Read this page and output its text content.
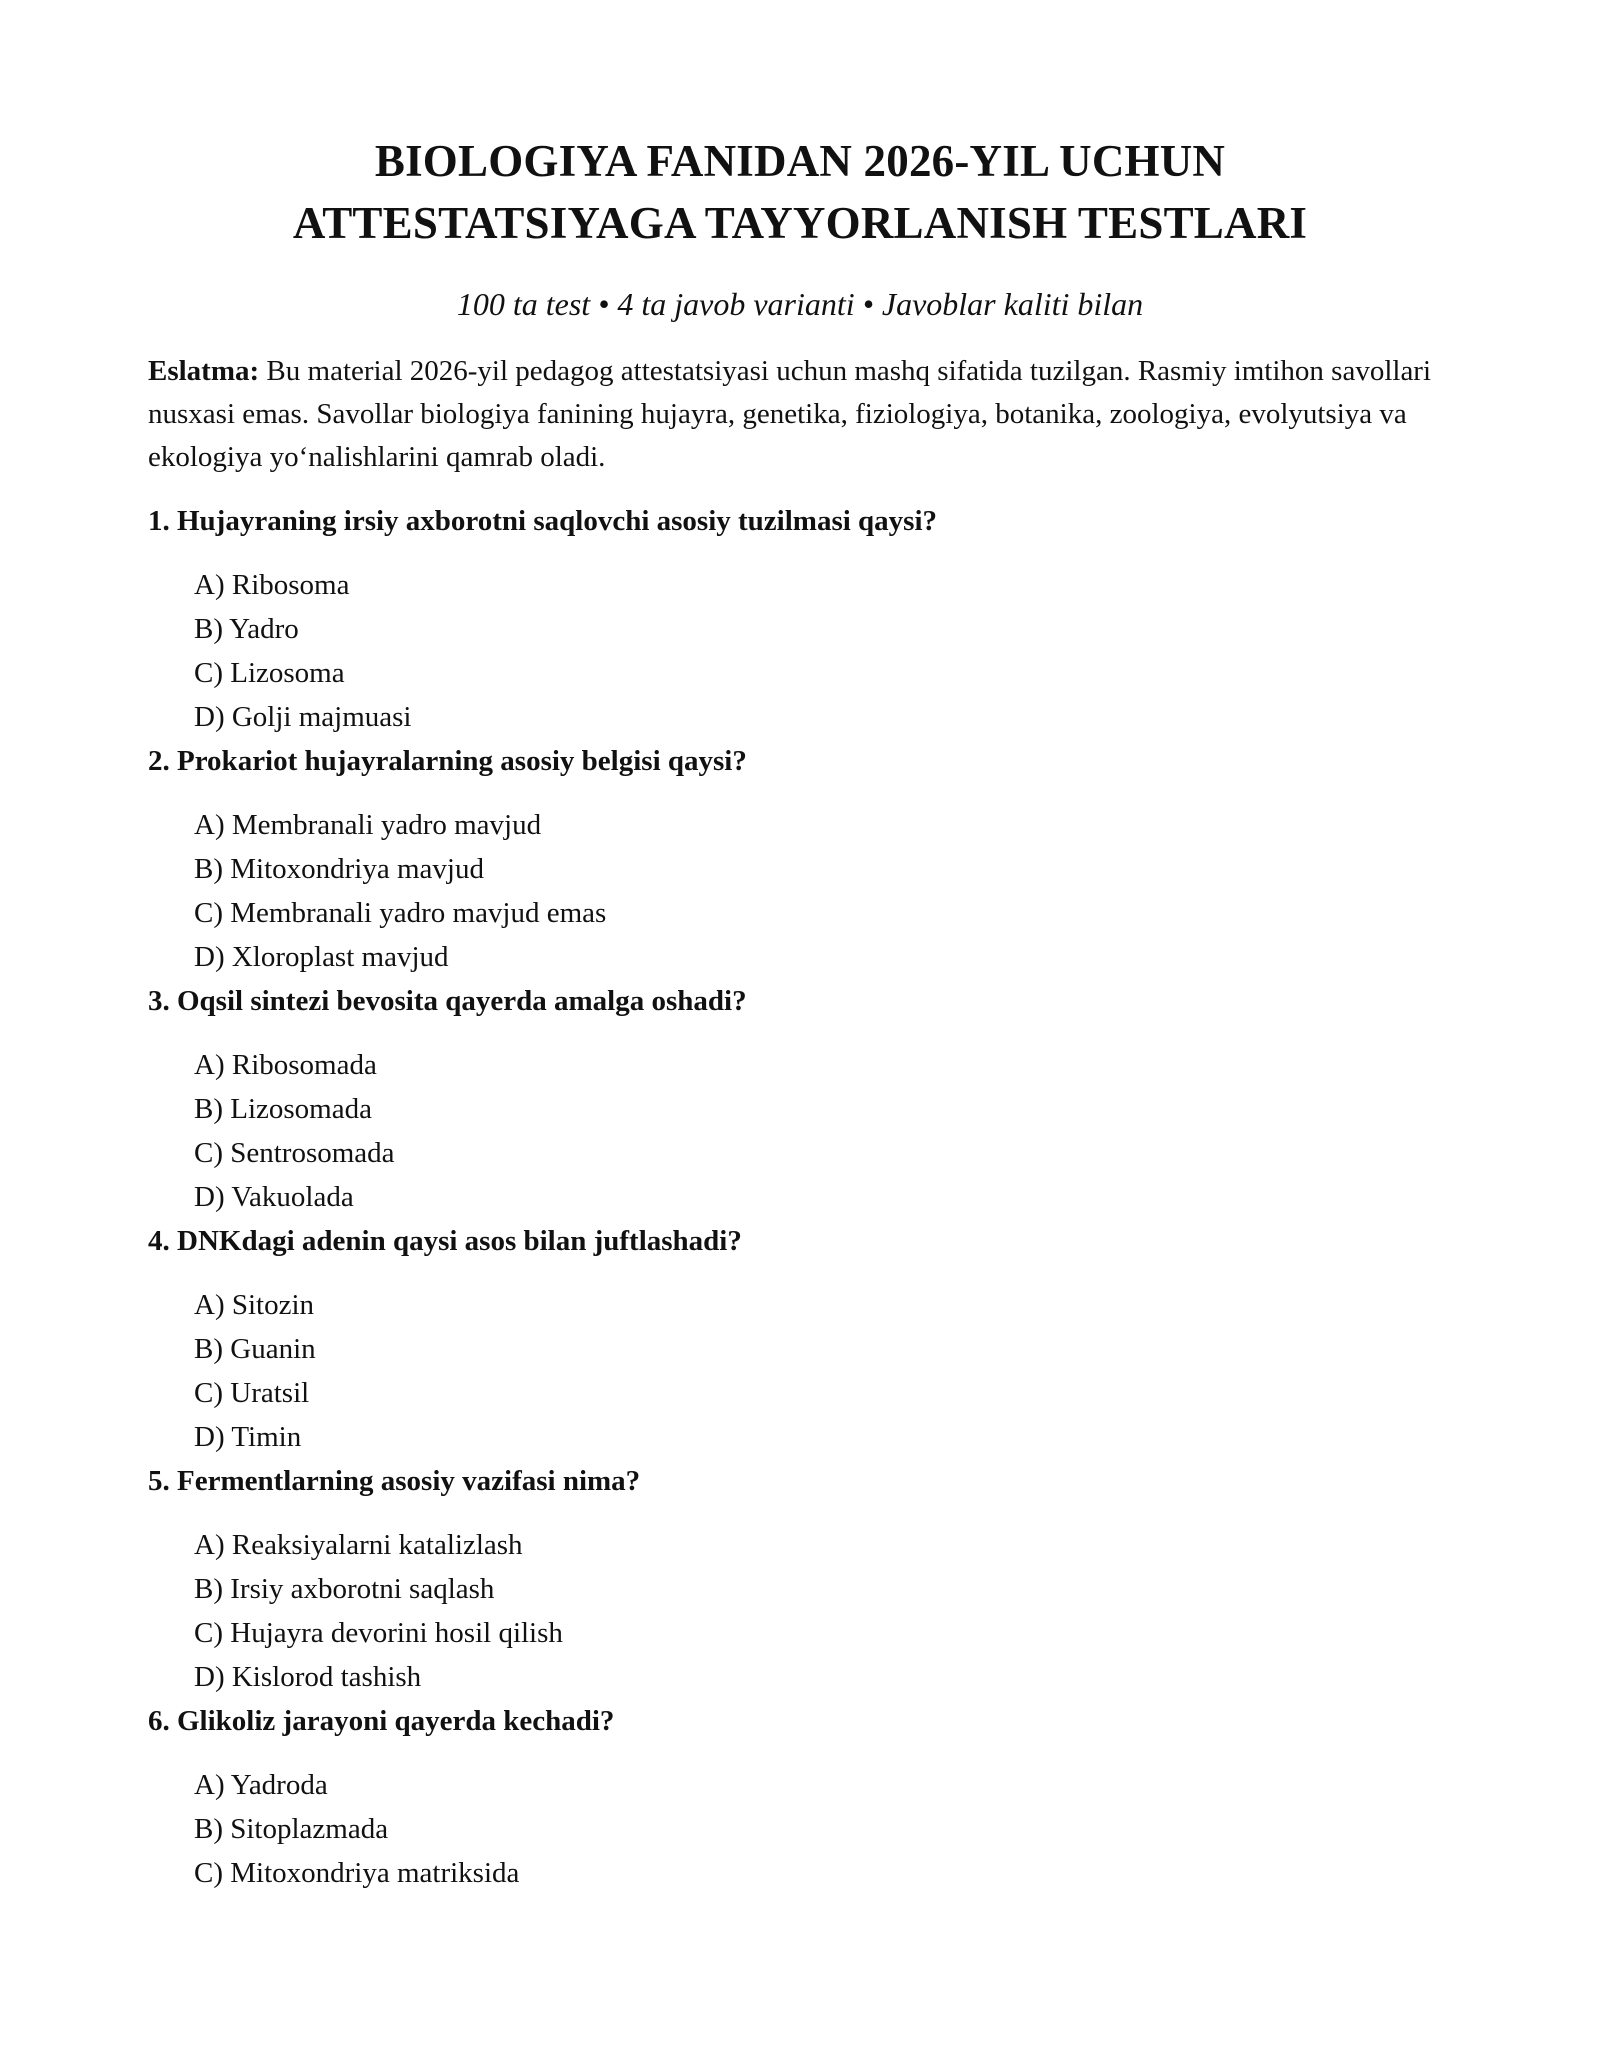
BIOLOGIYA FANIDAN 2026-YIL UCHUN
ATTESTATSIYAGA TAYYORLANISH TESTLARI

100 ta test • 4 ta javob varianti • Javoblar kaliti bilan

Eslatma: Bu material 2026-yil pedagog attestatsiyasi uchun mashq sifatida tuzilgan. Rasmiy imtihon savollari nusxasi emas. Savollar biologiya fanining hujayra, genetika, fiziologiya, botanika, zoologiya, evolyutsiya va ekologiya yo‘nalishlarini qamrab oladi.

1. Hujayraning irsiy axborotni saqlovchi asosiy tuzilmasi qaysi?

A) Ribosoma
B) Yadro
C) Lizosoma
D) Golji majmuasi

2. Prokariot hujayralarning asosiy belgisi qaysi?

A) Membranali yadro mavjud
B) Mitoxondriya mavjud
C) Membranali yadro mavjud emas
D) Xloroplast mavjud

3. Oqsil sintezi bevosita qayerda amalga oshadi?

A) Ribosomada
B) Lizosomada
C) Sentrosomada
D) Vakuolada

4. DNKdagi adenin qaysi asos bilan juftlashadi?

A) Sitozin
B) Guanin
C) Uratsil
D) Timin

5. Fermentlarning asosiy vazifasi nima?

A) Reaksiyalarni katalizlash
B) Irsiy axborotni saqlash
C) Hujayra devorini hosil qilish
D) Kislorod tashish

6. Glikoliz jarayoni qayerda kechadi?

A) Yadroda
B) Sitoplazmada
C) Mitoxondriya matriksida
